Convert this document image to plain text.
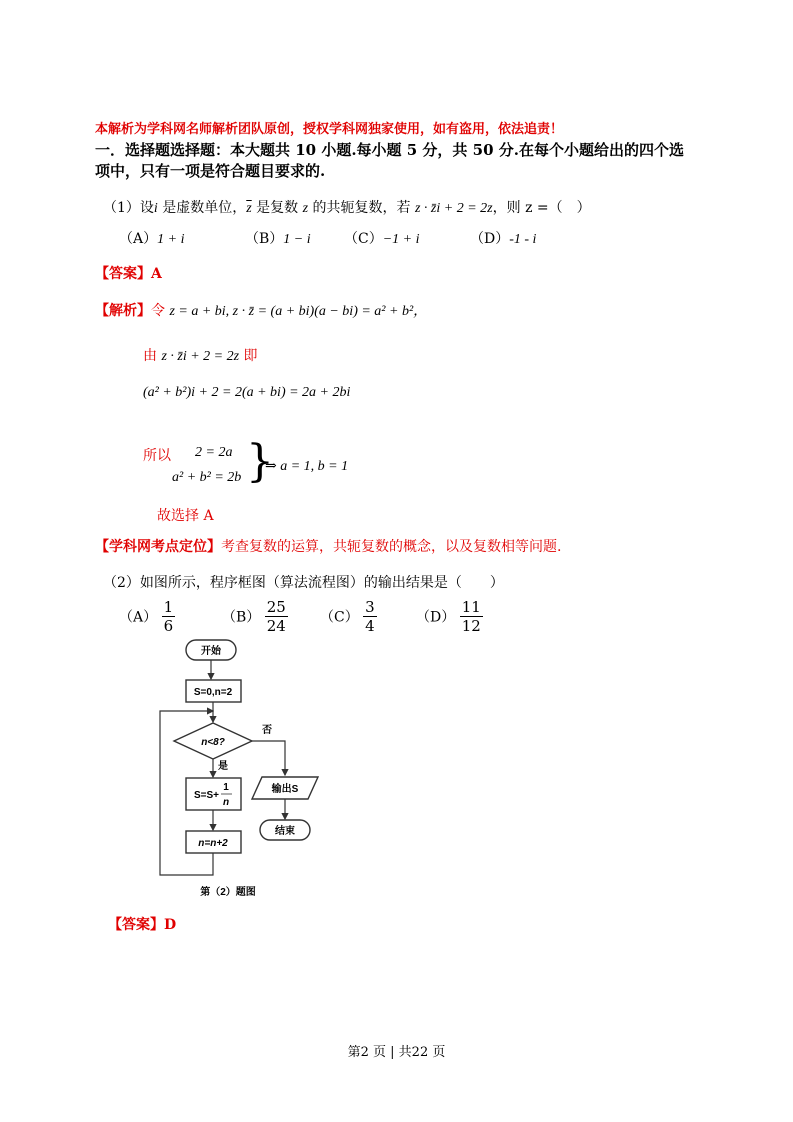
本解析为学科网名师解析团队原创，授权学科网独家使用，如有盗用，依法追责！
一．选择题选择题：本大题共 10 小题.每小题 5 分，共 50 分.在每个小题给出的四个选
项中，只有一项是符合题目要求的.
（1）设i 是虚数单位，$\overline{z}$ 是复数 z 的共轭复数，若 z · z̄i + 2 = 2z，则 z =（　）
（A）1 + i	（B）1 − i （C）−1 + i	（D）-1 - i
【答案】A
【解析】令 z = a + bi, z · z̄ = (a + bi)(a − bi) = a² + b²，
由 z · z̄i + 2 = 2z 即
(a² + b²)i + 2 = 2(a + bi) = 2a + 2bi
所以 2 = 2a
a² + b² = 2b }
⇒ a = 1, b = 1
故选择 A
【学科网考点定位】考查复数的运算，共轭复数的概念，以及复数相等问题.
（2）如图所示，程序框图（算法流程图）的输出结果是（　　）
$(A) \frac{1}{6}$	$(B) \frac{25}{24} (C) \frac{3}{4}$	$(D) \frac{11}{12}$
开始
S=0,n=2
n<8?
否
输出S
结束
是
S=S+
1
n
n=n+2
第（2）题图
【答案】D
第2 页 | 共22 页
